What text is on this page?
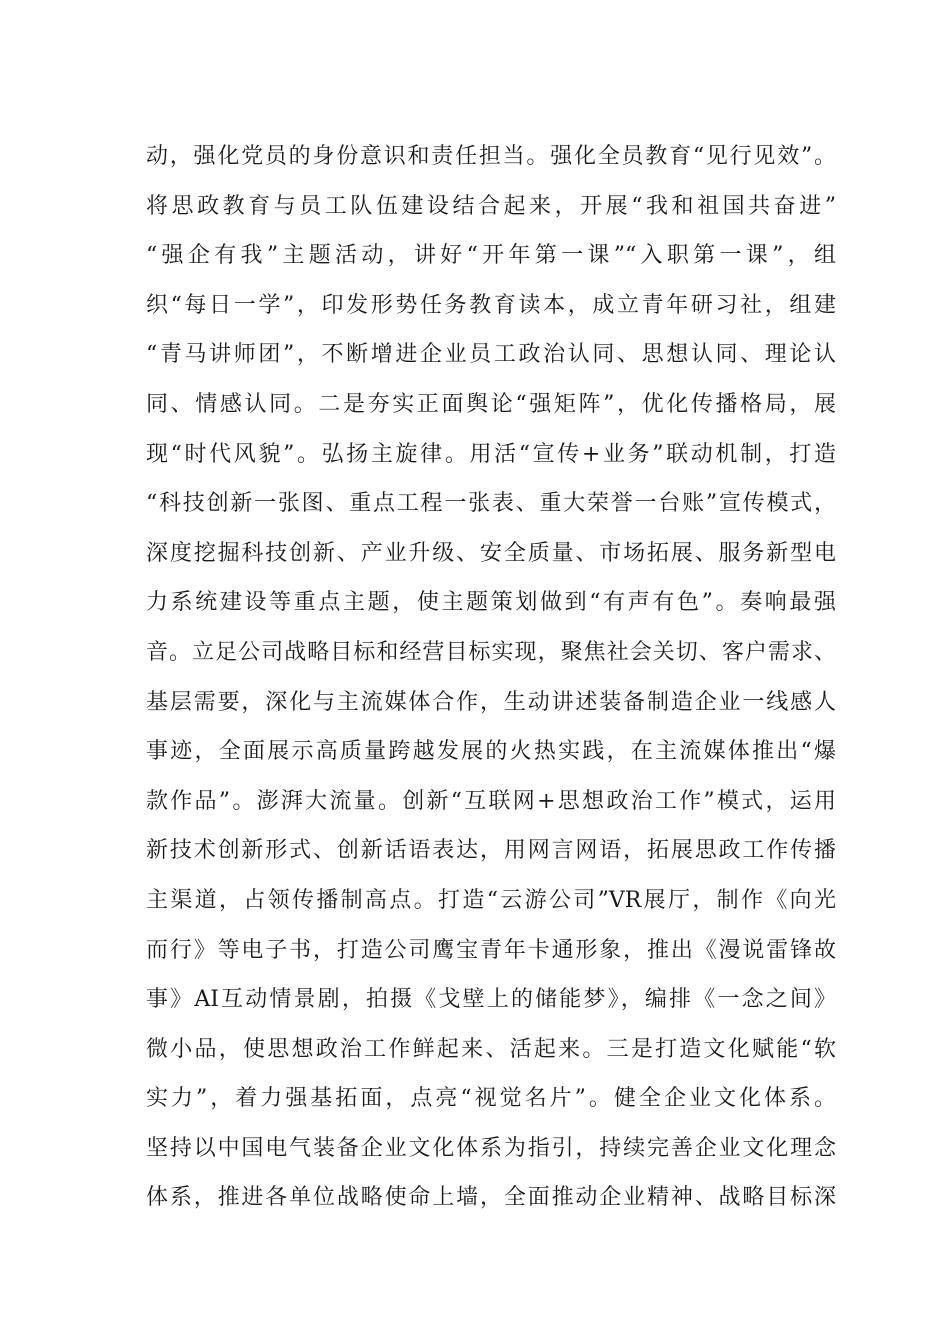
动，强化党员的身份意识和责任担当。强化全员教育“见行见效”。
将思政教育与员工队伍建设结合起来，开展“我和祖国共奋进”
“强企有我”主题活动，讲好“开年第一课”“入职第一课”，组
织“每日一学”，印发形势任务教育读本，成立青年研习社，组建
“青马讲师团”，不断增进企业员工政治认同、思想认同、理论认
同、情感认同。二是夯实正面舆论“强矩阵”，优化传播格局，展
现“时代风貌”。弘扬主旋律。用活“宣传+业务”联动机制，打造
“科技创新一张图、重点工程一张表、重大荣誉一台账”宣传模式，
深度挖掘科技创新、产业升级、安全质量、市场拓展、服务新型电
力系统建设等重点主题，使主题策划做到“有声有色”。奏响最强
音。立足公司战略目标和经营目标实现，聚焦社会关切、客户需求、
基层需要，深化与主流媒体合作，生动讲述装备制造企业一线感人
事迹，全面展示高质量跨越发展的火热实践，在主流媒体推出“爆
款作品”。澎湃大流量。创新“互联网+思想政治工作”模式，运用
新技术创新形式、创新话语表达，用网言网语，拓展思政工作传播
主渠道，占领传播制高点。打造“云游公司”VR展厅，制作《向光
而行》等电子书，打造公司鹰宝青年卡通形象，推出《漫说雷锋故
事》AI互动情景剧，拍摄《戈壁上的储能梦》，编排《一念之间》
微小品，使思想政治工作鲜起来、活起来。三是打造文化赋能“软
实力”，着力强基拓面，点亮“视觉名片”。健全企业文化体系。
坚持以中国电气装备企业文化体系为指引，持续完善企业文化理念
体系，推进各单位战略使命上墙，全面推动企业精神、战略目标深
